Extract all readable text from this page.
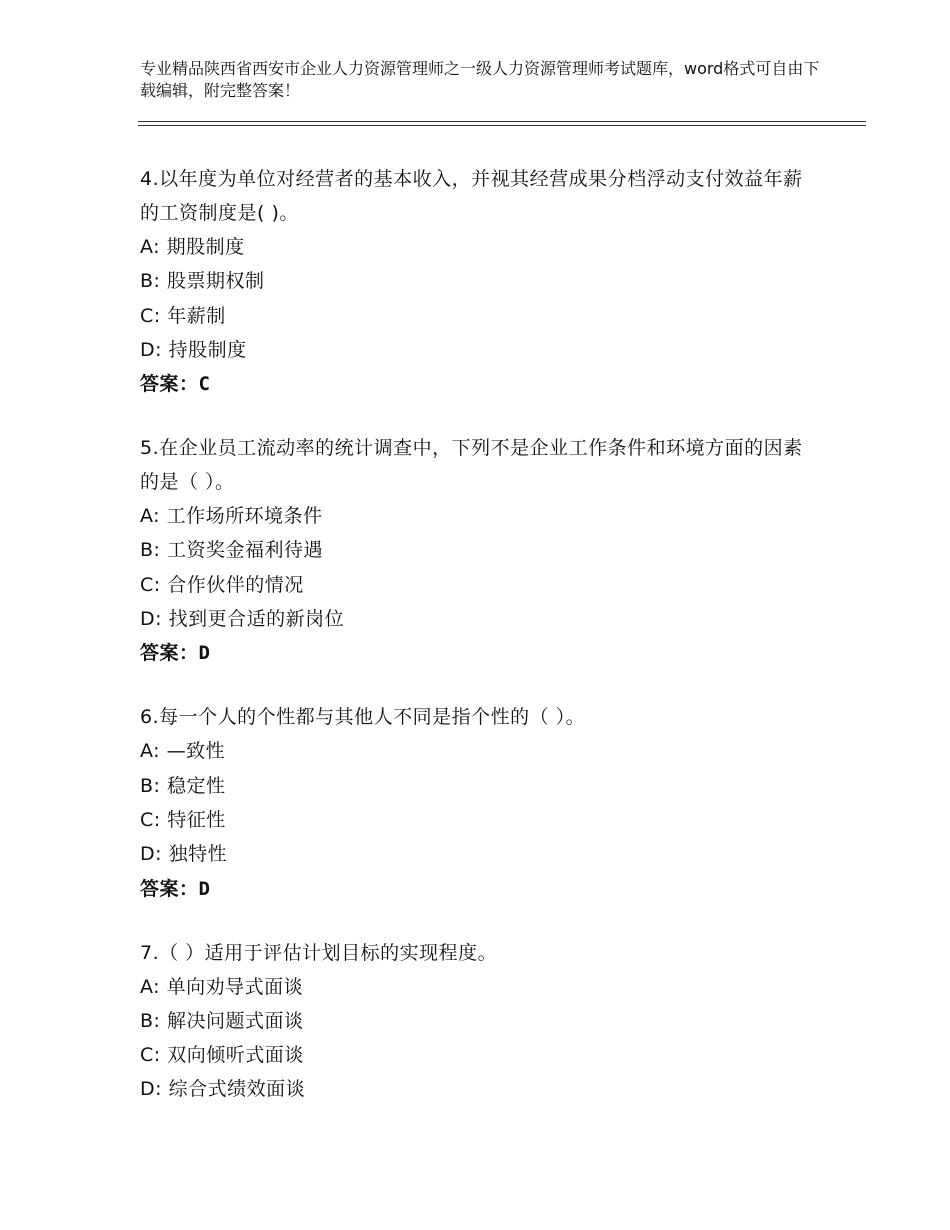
专业精品陕西省西安市企业人力资源管理师之一级人力资源管理师考试题库，word格式可自由下载编辑，附完整答案！

4.以年度为单位对经营者的基本收入，并视其经营成果分档浮动支付效益年薪的工资制度是( )。

A: 期股制度
B: 股票期权制
C: 年薪制
D: 持股制度
答案：C

5.在企业员工流动率的统计调查中，下列不是企业工作条件和环境方面的因素的是（ ）。

A: 工作场所环境条件
B: 工资奖金福利待遇
C: 合作伙伴的情况
D: 找到更合适的新岗位
答案：D

6.每一个人的个性都与其他人不同是指个性的（ ）。

A: —致性
B: 稳定性
C: 特征性
D: 独特性
答案：D

7.（ ）适用于评估计划目标的实现程度。

A: 单向劝导式面谈
B: 解决问题式面谈
C: 双向倾听式面谈
D: 综合式绩效面谈
